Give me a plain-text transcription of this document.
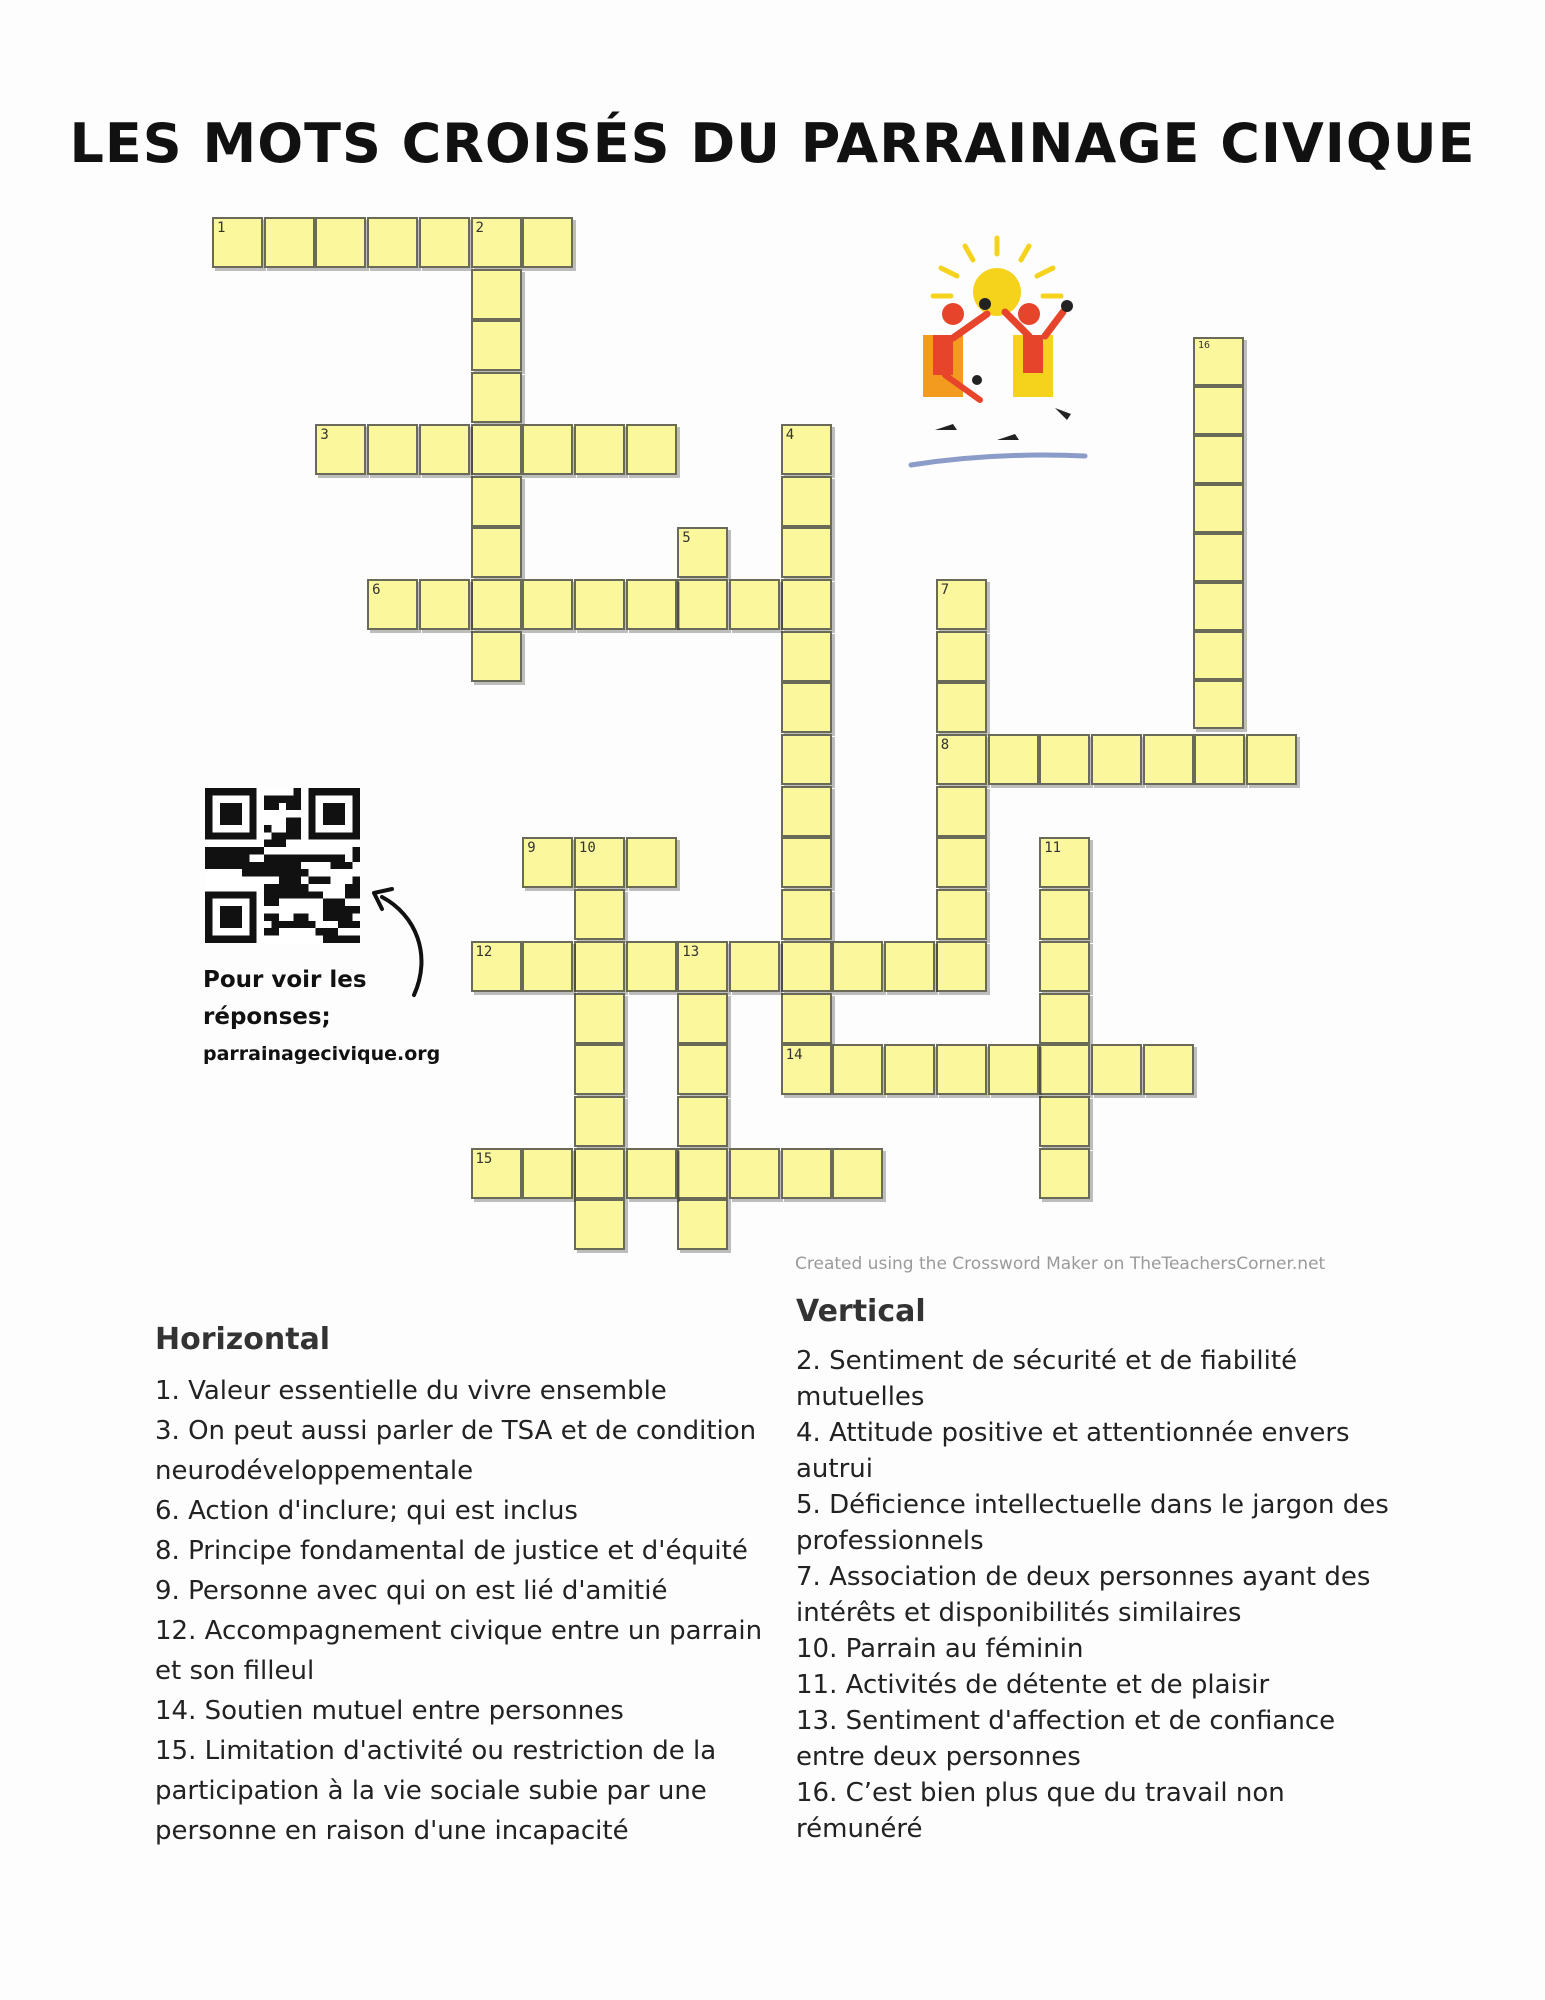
LES MOTS CROISÉS DU PARRAINAGE CIVIQUE
1	2
3	4
5
6	7
8
9	10	11
12	13
14
15
16
Created using the Crossword Maker on TheTeachersCorner.net
Pour voir les
réponses;
parrainagecivique.org
Horizontal
1. Valeur essentielle du vivre ensemble
3. On peut aussi parler de TSA et de condition neurodéveloppementale
6. Action d'inclure; qui est inclus
8. Principe fondamental de justice et d'équité
9. Personne avec qui on est lié d'amitié
12. Accompagnement civique entre un parrain et son filleul
14. Soutien mutuel entre personnes
15. Limitation d'activité ou restriction de la participation à la vie sociale subie par une personne en raison d'une incapacité
Vertical
2. Sentiment de sécurité et de fiabilité mutuelles
4. Attitude positive et attentionnée envers autrui
5. Déficience intellectuelle dans le jargon des professionnels
7. Association de deux personnes ayant des intérêts et disponibilités similaires
10. Parrain au féminin
11. Activités de détente et de plaisir
13. Sentiment d'affection et de confiance entre deux personnes
16. C’est bien plus que du travail non rémunéré
